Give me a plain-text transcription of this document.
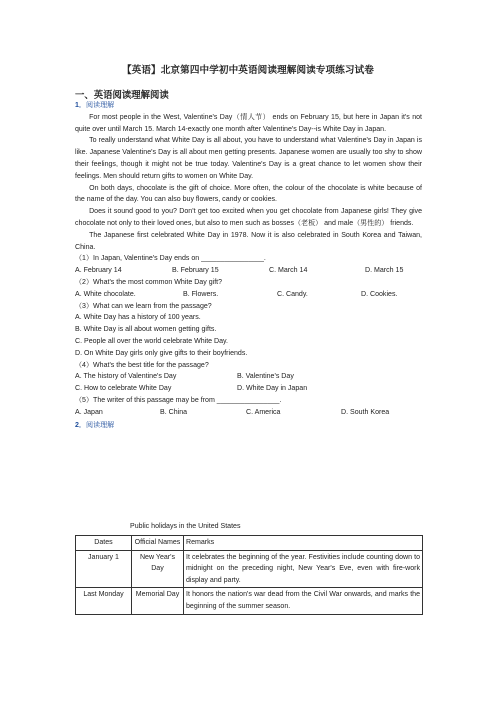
【英语】北京第四中学初中英语阅读理解阅读专项练习试卷
一、英语阅读理解阅读
1．阅读理解

For most people in the West, Valentine's Day（情人节） ends on February 15, but here in Japan it's not quite over until March 15. March 14-exactly one month after Valentine's Day--is White Day in Japan.

To really understand what White Day is all about, you have to understand what Valentine's Day in Japan is like. Japanese Valentine's Day is all about men getting presents. Japanese women are usually too shy to show their feelings, though it might not be true today. Valentine's Day is a great chance to let women show their feelings. Men should return gifts to women on White Day.

On both days, chocolate is the gift of choice. More often, the colour of the chocolate is white because of the name of the day. You can also buy flowers, candy or cookies.

Does it sound good to you? Don't get too excited when you get chocolate from Japanese girls! They give chocolate not only to their loved ones, but also to men such as bosses（老板） and male（男性的） friends.

The Japanese first celebrated White Day in 1978. Now it is also celebrated in South Korea and Taiwan, China.

（1）In Japan, Valentine's Day ends on ________________.
A. February 14	B. February 15	C. March 14	D. March 15
（2）What's the most common White Day gift?
A. White chocolate.	B. Flowers.	C. Candy.	D. Cookies.
（3）What can we learn from the passage?
A. White Day has a history of 100 years.
B. White Day is all about women getting gifts.
C. People all over the world celebrate White Day.
D. On White Day girls only give gifts to their boyfriends.
（4）What's the best title for the passage?
A. The history of Valentine's Day	B. Valentine's Day
C. How to celebrate White Day	D. White Day in Japan
（5）The writer of this passage may be from ________________.
A. Japan	B. China	C. America	D. South Korea
2．阅读理解
Public holidays in the United States
Dates	Official Names	Remarks
January 1	New Year's Day	It celebrates the beginning of the year. Festivities include counting down to midnight on the preceding night, New Year's Eve, even with fire-work display and party.
Last Monday	Memorial Day	It honors the nation's war dead from the Civil War onwards, and marks the beginning of the summer season.
